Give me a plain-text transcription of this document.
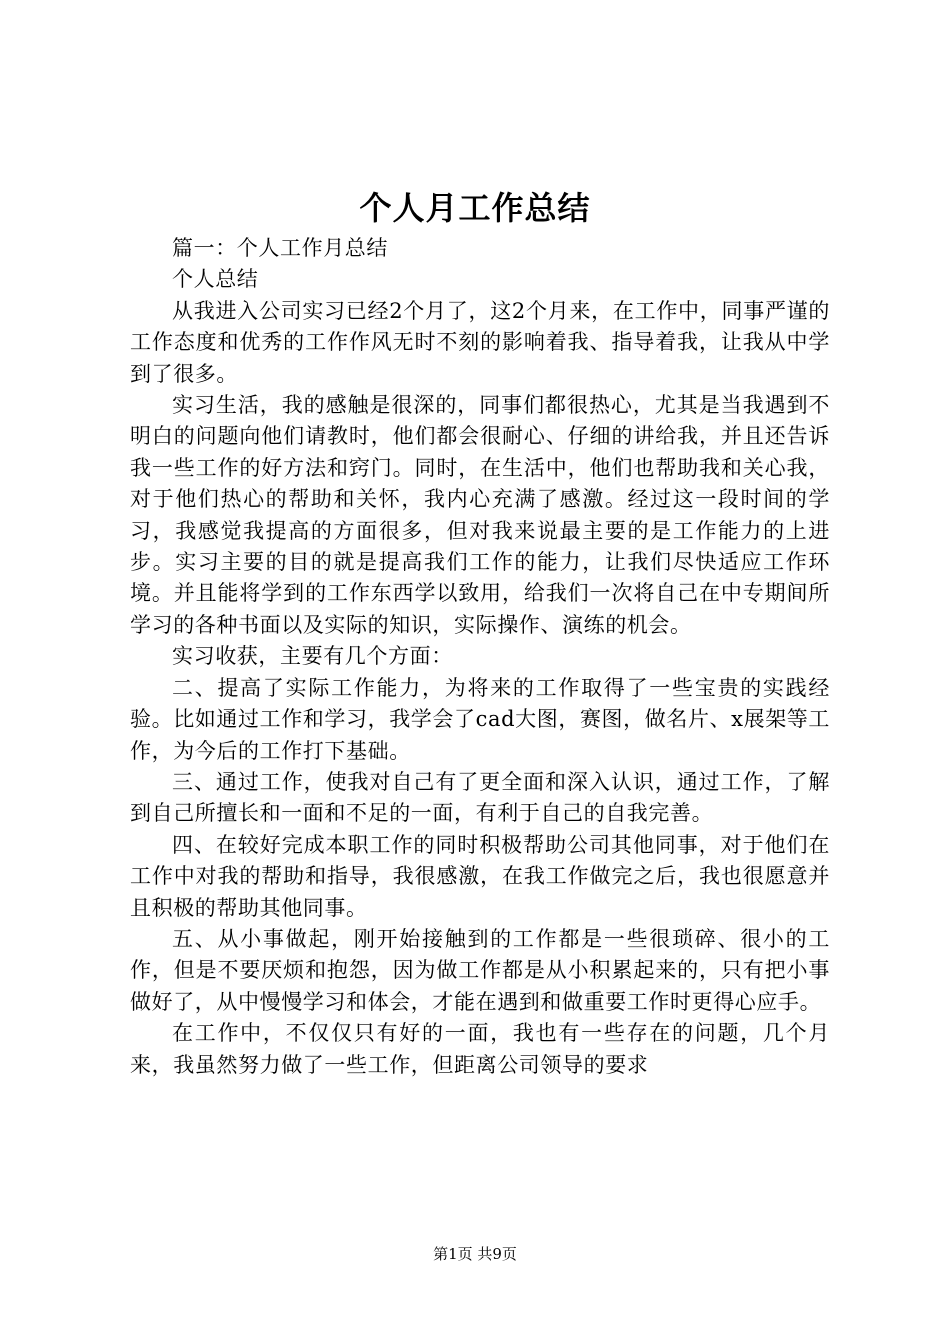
个人月工作总结

篇一：个人工作月总结

个人总结

从我进入公司实习已经2个月了，这2个月来，在工作中，同事严谨的工作态度和优秀的工作作风无时不刻的影响着我、指导着我，让我从中学到了很多。

实习生活，我的感触是很深的，同事们都很热心，尤其是当我遇到不明白的问题向他们请教时，他们都会很耐心、仔细的讲给我，并且还告诉我一些工作的好方法和窍门。同时，在生活中，他们也帮助我和关心我，对于他们热心的帮助和关怀，我内心充满了感激。经过这一段时间的学习，我感觉我提高的方面很多，但对我来说最主要的是工作能力的上进步。实习主要的目的就是提高我们工作的能力，让我们尽快适应工作环境。并且能将学到的工作东西学以致用，给我们一次将自己在中专期间所学习的各种书面以及实际的知识，实际操作、演练的机会。

实习收获，主要有几个方面：

二、提高了实际工作能力，为将来的工作取得了一些宝贵的实践经验。比如通过工作和学习，我学会了cad大图，赛图，做名片、x展架等工作，为今后的工作打下基础。

三、通过工作，使我对自己有了更全面和深入认识，通过工作，了解到自己所擅长和一面和不足的一面，有利于自己的自我完善。

四、在较好完成本职工作的同时积极帮助公司其他同事，对于他们在工作中对我的帮助和指导，我很感激，在我工作做完之后，我也很愿意并且积极的帮助其他同事。

五、从小事做起，刚开始接触到的工作都是一些很琐碎、很小的工作，但是不要厌烦和抱怨，因为做工作都是从小积累起来的，只有把小事做好了，从中慢慢学习和体会，才能在遇到和做重要工作时更得心应手。

在工作中，不仅仅只有好的一面，我也有一些存在的问题，几个月来，我虽然努力做了一些工作，但距离公司领导的要求

第1页 共9页
